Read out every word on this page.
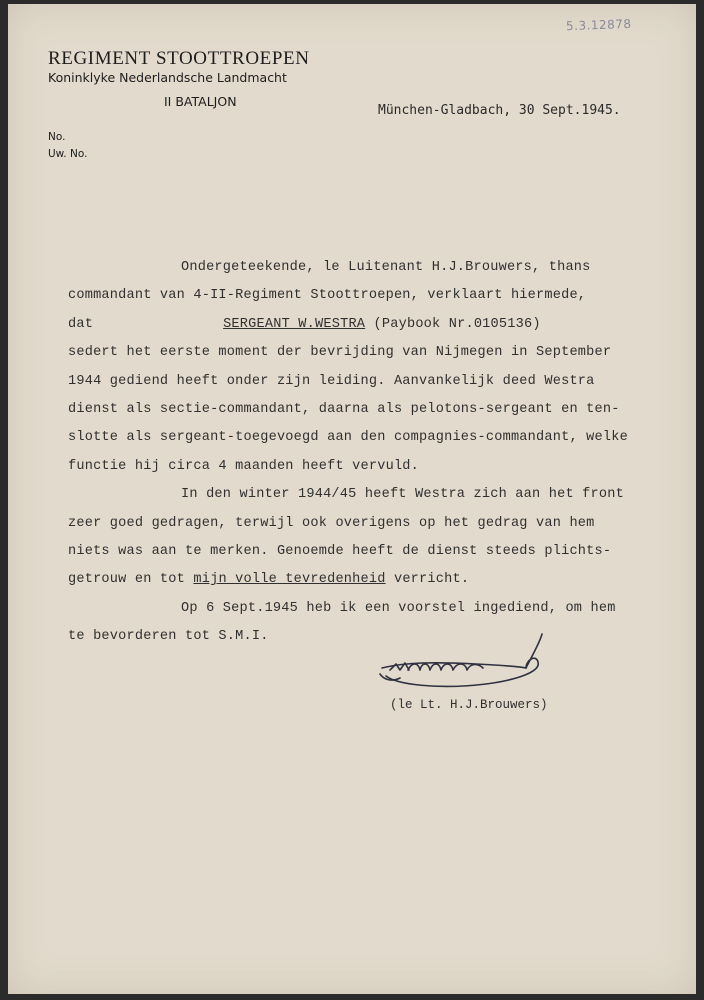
5.3.12878
REGIMENT STOOTTROEPEN
Koninklyke Nederlandsche Landmacht
II BATALJON
München-Gladbach, 30 Sept.1945.
No.
Uw. No.
Ondergeteekende, le Luitenant H.J.Brouwers, thans
commandant van 4-II-Regiment Stoottroepen, verklaart hiermede,
dat	SERGEANT W.WESTRA (Paybook Nr.0105136)
sedert het eerste moment der bevrijding van Nijmegen in September
1944 gediend heeft onder zijn leiding. Aanvankelijk deed Westra
dienst als sectie-commandant, daarna als pelotons-sergeant en ten-
slotte als sergeant-toegevoegd aan den compagnies-commandant, welke
functie hij circa 4 maanden heeft vervuld.
In den winter 1944/45 heeft Westra zich aan het front
zeer goed gedragen, terwijl ook overigens op het gedrag van hem
niets was aan te merken. Genoemde heeft de dienst steeds plichts-
getrouw en tot mijn volle tevredenheid verricht.
Op 6 Sept.1945 heb ik een voorstel ingediend, om hem
te bevorderen tot S.M.I.
(le Lt. H.J.Brouwers)
